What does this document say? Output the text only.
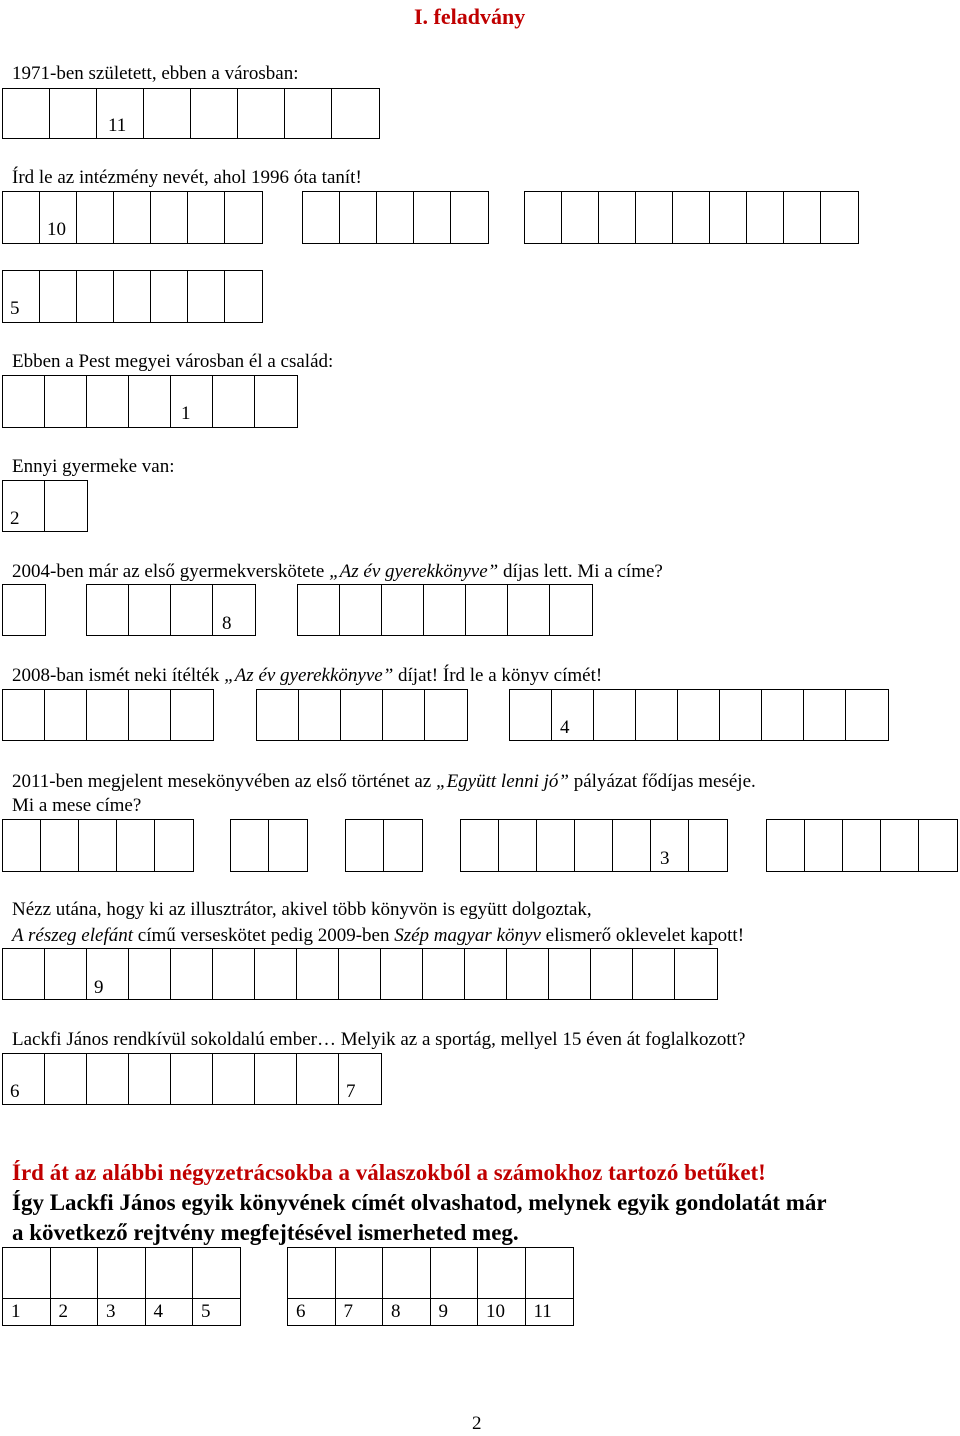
I. feladvány
1971-ben született, ebben a városban:
11
Írd le az intézmény nevét, ahol 1996 óta tanít!
10
5
Ebben a Pest megyei városban él a család:
1
Ennyi gyermeke van:
2
2004-ben már az első gyermekverskötete „Az év gyerekkönyve” díjas lett. Mi a címe?
8
2008-ban ismét neki ítélték „Az év gyerekkönyve” díjat! Írd le a könyv címét!
4
2011-ben megjelent mesekönyvében az első történet az „Együtt lenni jó” pályázat fődíjas meséje.
Mi a mese címe?
3
Nézz utána, hogy ki az illusztrátor, akivel több könyvön is együtt dolgoztak,
A részeg elefánt című verseskötet pedig 2009-ben Szép magyar könyv elismerő oklevelet kapott!
9
Lackfi János rendkívül sokoldalú ember… Melyik az a sportág, mellyel 15 éven át foglalkozott?
6	7
Írd át az alábbi négyzetrácsokba a válaszokból a számokhoz tartozó betűket!
Így Lackfi János egyik könyvének címét olvashatod, melynek egyik gondolatát már
a következő rejtvény megfejtésével ismerheted meg.
1 2 3 4 5	6 7 8 9 10 11
2
